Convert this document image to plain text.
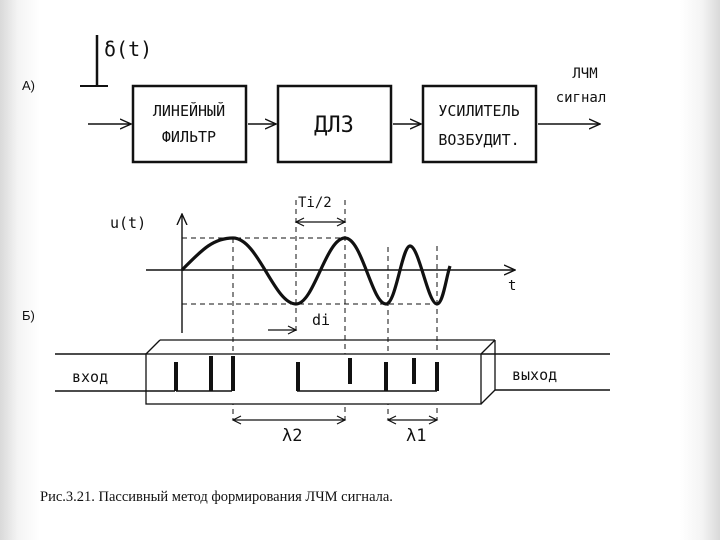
А)
δ(t)
ЛИНЕЙНЫЙ
ФИЛЬТР	ДЛЗ
УСИЛИТЕЛЬ
ВОЗБУДИТ.
ЛЧМ
сигнал
Б)
u(t)
t
Ti/2
di
вход	выход
λ2	λ1
Рис.3.21. Пассивный метод формирования ЛЧМ сигнала.
